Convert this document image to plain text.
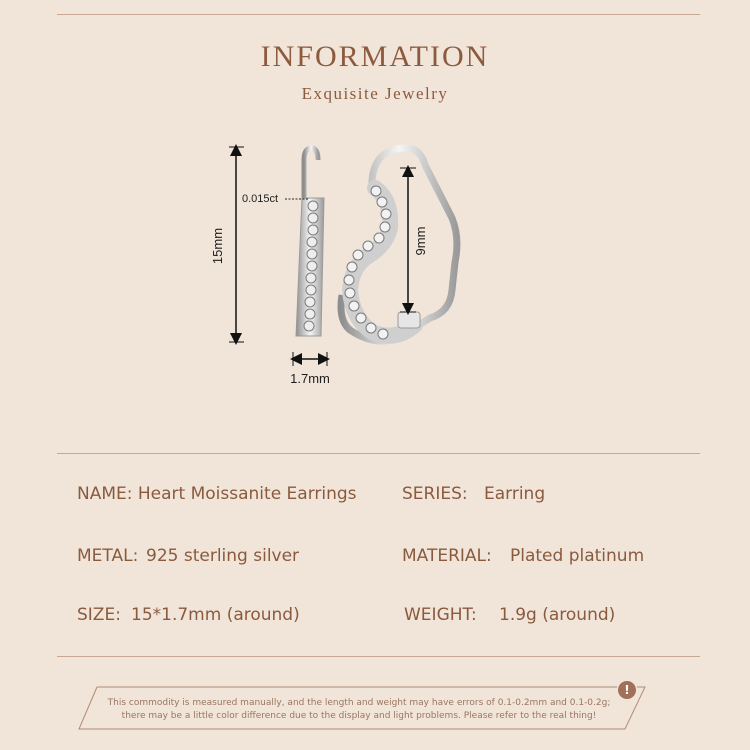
INFORMATION
Exquisite Jewelry
15mm
0.015ct
1.7mm
9mm
NAME: Heart Moissanite Earrings	SERIES: Earring
METAL: 925 sterling silver	MATERIAL: Plated platinum
SIZE: 15*1.7mm (around)	WEIGHT: 1.9g (around)
!
This commodity is measured manually, and the length and weight may have errors of 0.1-0.2mm and 0.1-0.2g;
there may be a little color difference due to the display and light problems. Please refer to the real thing!
